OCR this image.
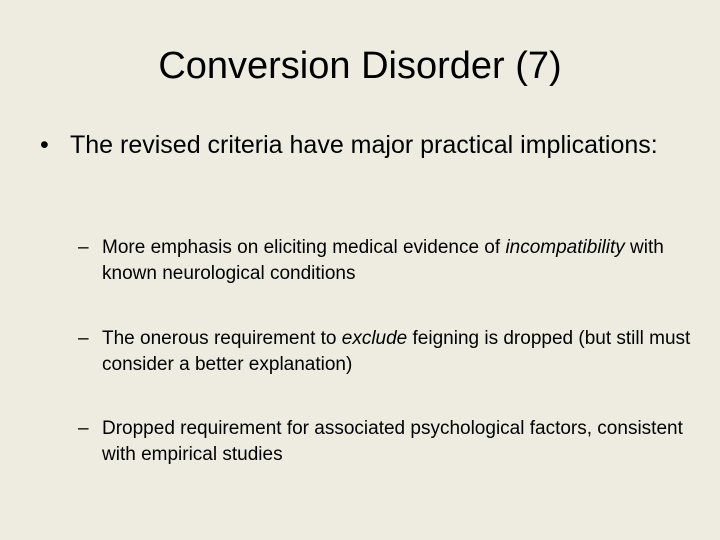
Conversion Disorder (7)
• The revised criteria have major practical implications:
– More emphasis on eliciting medical evidence of incompatibility with known neurological conditions
– The onerous requirement to exclude feigning is dropped (but still must consider a better explanation)
– Dropped requirement for associated psychological factors, consistent with empirical studies
